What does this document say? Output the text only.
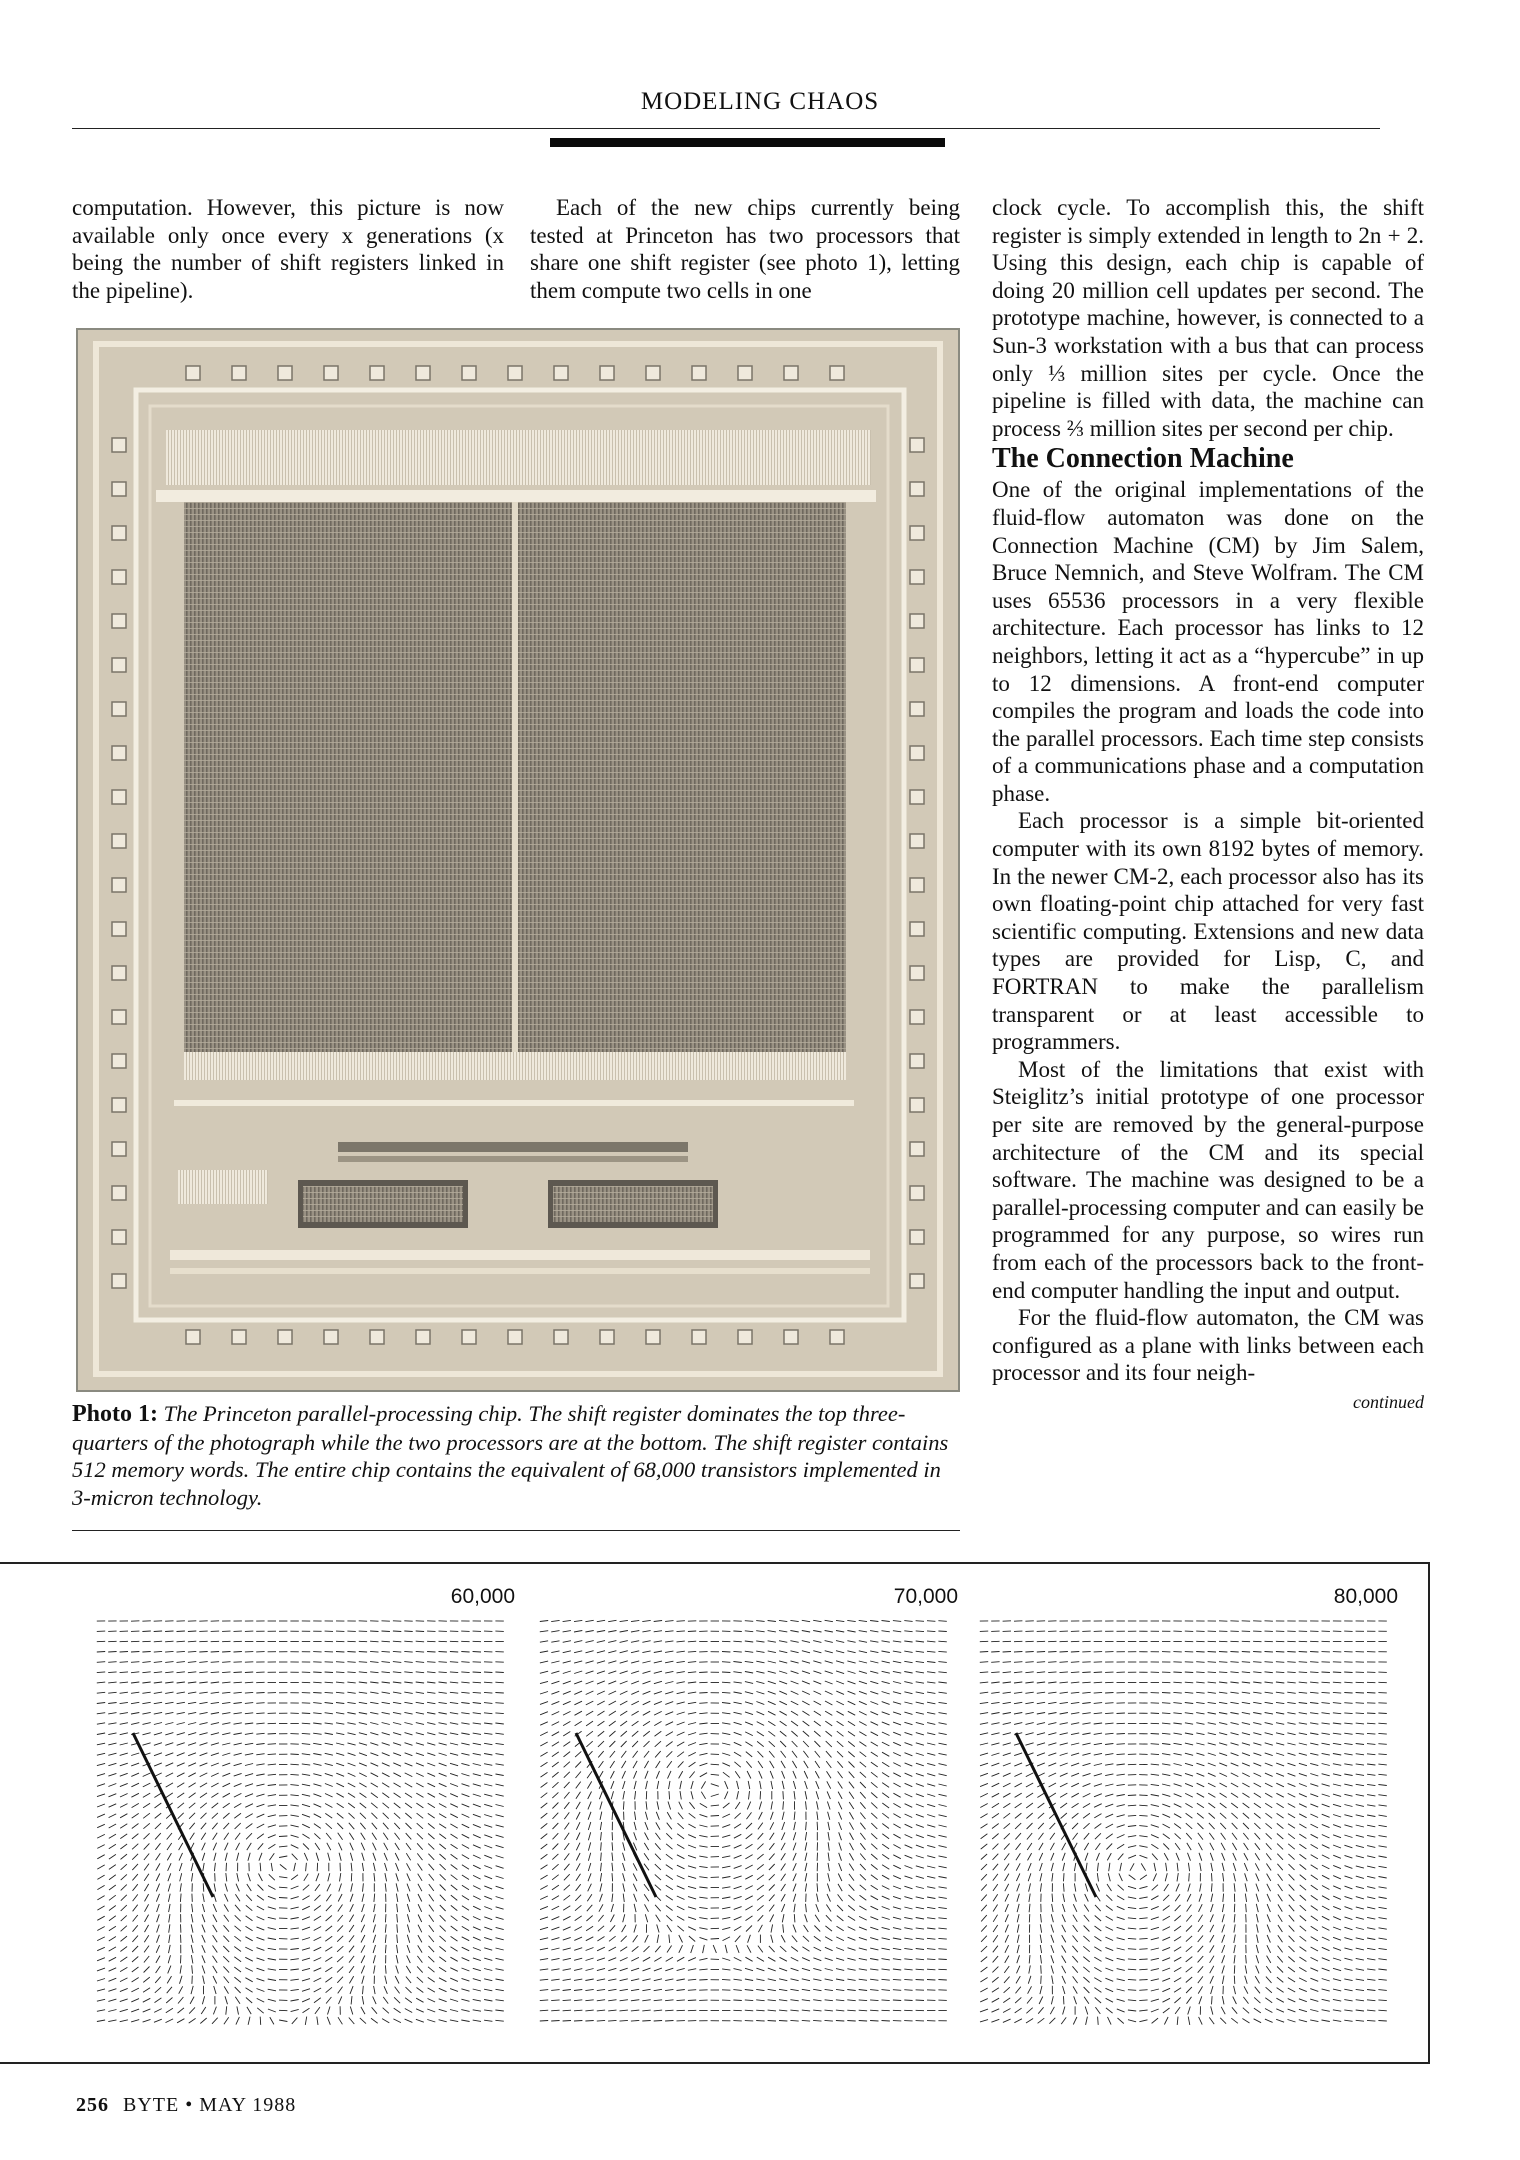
MODELING CHAOS

computation. However, this picture is now available only once every x generations (x being the number of shift registers linked in the pipeline).

Each of the new chips currently being tested at Princeton has two processors that share one shift register (see photo 1), letting them compute two cells in one

clock cycle. To accomplish this, the shift register is simply extended in length to 2n + 2. Using this design, each chip is capable of doing 20 million cell updates per second. The prototype machine, however, is connected to a Sun-3 workstation with a bus that can process only ⅓ million sites per cycle. Once the pipeline is filled with data, the machine can process ⅔ million sites per second per chip.

The Connection Machine

One of the original implementations of the fluid-flow automaton was done on the Connection Machine (CM) by Jim Salem, Bruce Nemnich, and Steve Wolfram. The CM uses 65536 processors in a very flexible architecture. Each processor has links to 12 neighbors, letting it act as a “hypercube” in up to 12 dimensions. A front-end computer compiles the program and loads the code into the parallel processors. Each time step consists of a communications phase and a computation phase.

Each processor is a simple bit-oriented computer with its own 8192 bytes of memory. In the newer CM-2, each processor also has its own floating-point chip attached for very fast scientific computing. Extensions and new data types are provided for Lisp, C, and FORTRAN to make the parallelism transparent or at least accessible to programmers.

Most of the limitations that exist with Steiglitz’s initial prototype of one processor per site are removed by the general-purpose architecture of the CM and its special software. The machine was designed to be a parallel-processing computer and can easily be programmed for any purpose, so wires run from each of the processors back to the front-end computer handling the input and output.

For the fluid-flow automaton, the CM was configured as a plane with links between each processor and its four neigh-

continued

Photo 1: The Princeton parallel-processing chip. The shift register dominates the top three-quarters of the photograph while the two processors are at the bottom. The shift register contains 512 memory words. The entire chip contains the equivalent of 68,000 transistors implemented in 3-micron technology.
60,000	70,000	80,000
256 BYTE • MAY 1988
